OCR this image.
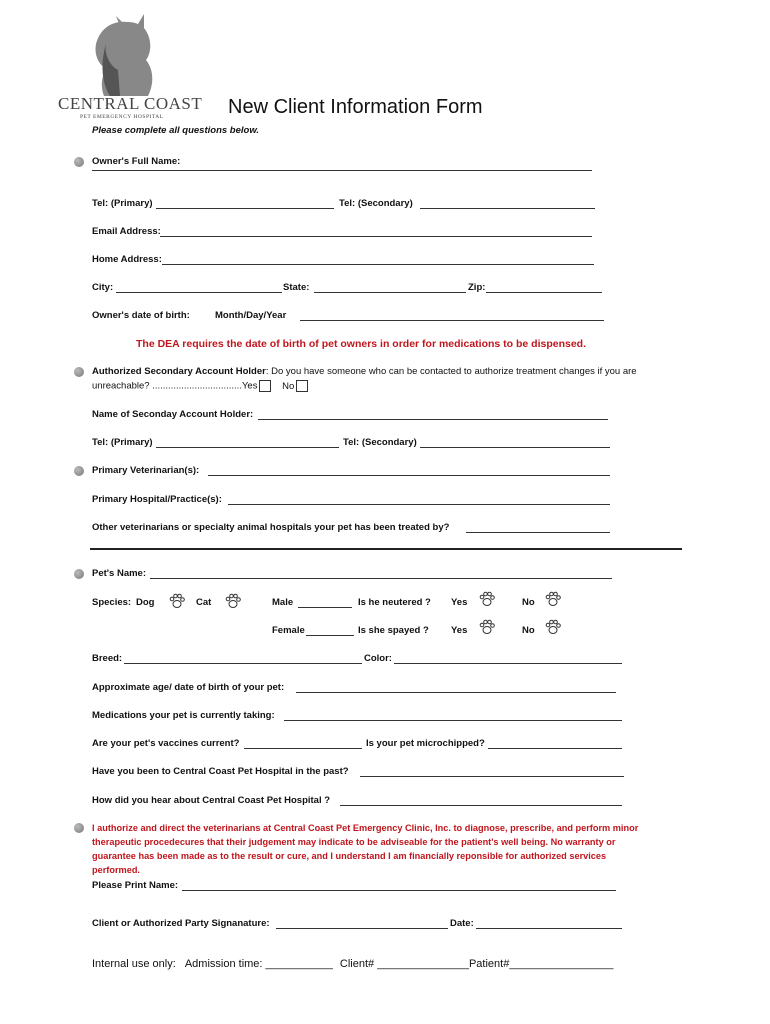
CENTRAL COAST
PET EMERGENCY HOSPITAL	New Client Information Form
Please complete all questions below.
Owner's Full Name:
Tel: (Primary)	Tel: (Secondary)
Email Address:
Home Address:
City:	State:	Zip:
Owner's date of birth:	Month/Day/Year
The DEA requires the date of birth of pet owners in order for medications to be dispensed.
Authorized Secondary Account Holder: Do you have someone who can be contacted to authorize treatment changes if you are
unreachable? ..................................Yes	No
Name of Seconday Account Holder:
Tel: (Primary)	Tel: (Secondary)
Primary Veterinarian(s):
Primary Hospital/Practice(s):
Other veterinarians or specialty animal hospitals your pet has been treated by?
Pet's Name:
Species: Dog	Cat	Male	Is he neutered ? Yes	No
Female	Is she spayed ? Yes	No
Breed:	Color:
Approximate age/ date of birth of your pet:
Medications your pet is currently taking:
Are your pet's vaccines current?	Is your pet microchipped?
Have you been to Central Coast Pet Hospital in the past?
How did you hear about Central Coast Pet Hospital ?
I authorize and direct the veterinarians at Central Coast Pet Emergency Clinic, Inc. to diagnose, prescribe, and perform minor
therapeutic procedecures that their judgement may indicate to be adviseable for the patient's well being. No warranty or
guarantee has been made as to the result or cure, and I understand I am financially reponsible for authorized services
performed.
Please Print Name:
Client or Authorized Party Signanature:	Date:
Internal use only: Admission time: ___________ Client# _______________Patient#_________________
